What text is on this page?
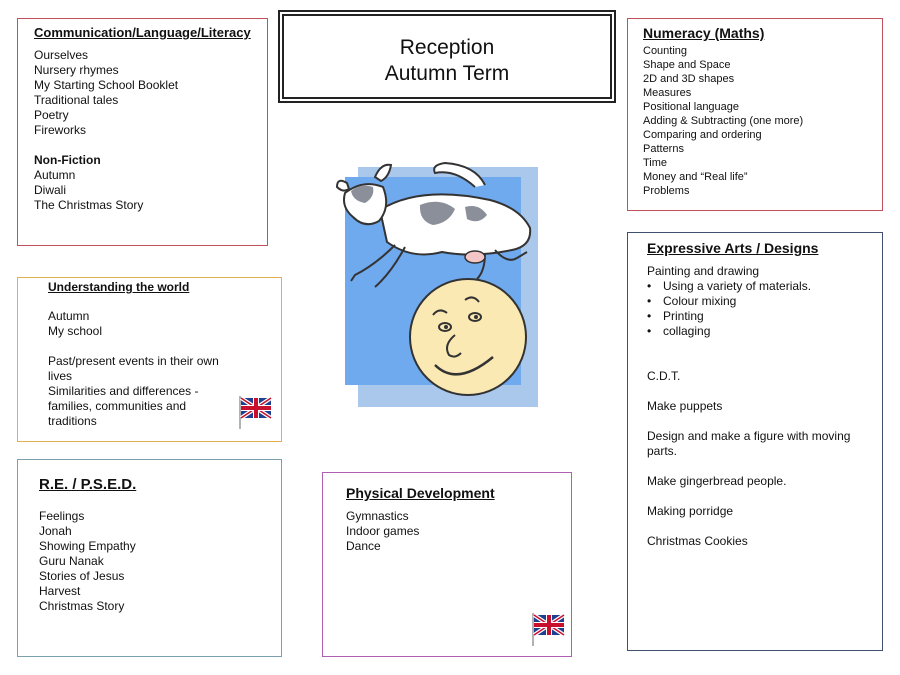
Reception
Autumn Term
Communication/Language/Literacy
Ourselves
Nursery rhymes
My Starting School Booklet
Traditional tales
Poetry
Fireworks
Non-Fiction
Autumn
Diwali
The Christmas Story
Understanding the world
Autumn
My school
Past/present events in their own
lives
Similarities and differences -
families, communities and
traditions
R.E. / P.S.E.D.
Feelings
Jonah
Showing Empathy
Guru Nanak
Stories of Jesus
Harvest
Christmas Story
Numeracy (Maths)
Counting
Shape and Space
2D and 3D shapes
Measures
Positional language
Adding & Subtracting (one more)
Comparing and ordering
Patterns
Time
Money and “Real life”
Problems
Expressive Arts / Designs
Painting and drawing
• Using a variety of materials.
• Colour mixing
• Printing
• collaging
C.D.T.
Make puppets
Design and make a figure with moving
parts.
Make gingerbread people.
Making porridge
Christmas Cookies
Physical Development
Gymnastics
Indoor games
Dance
